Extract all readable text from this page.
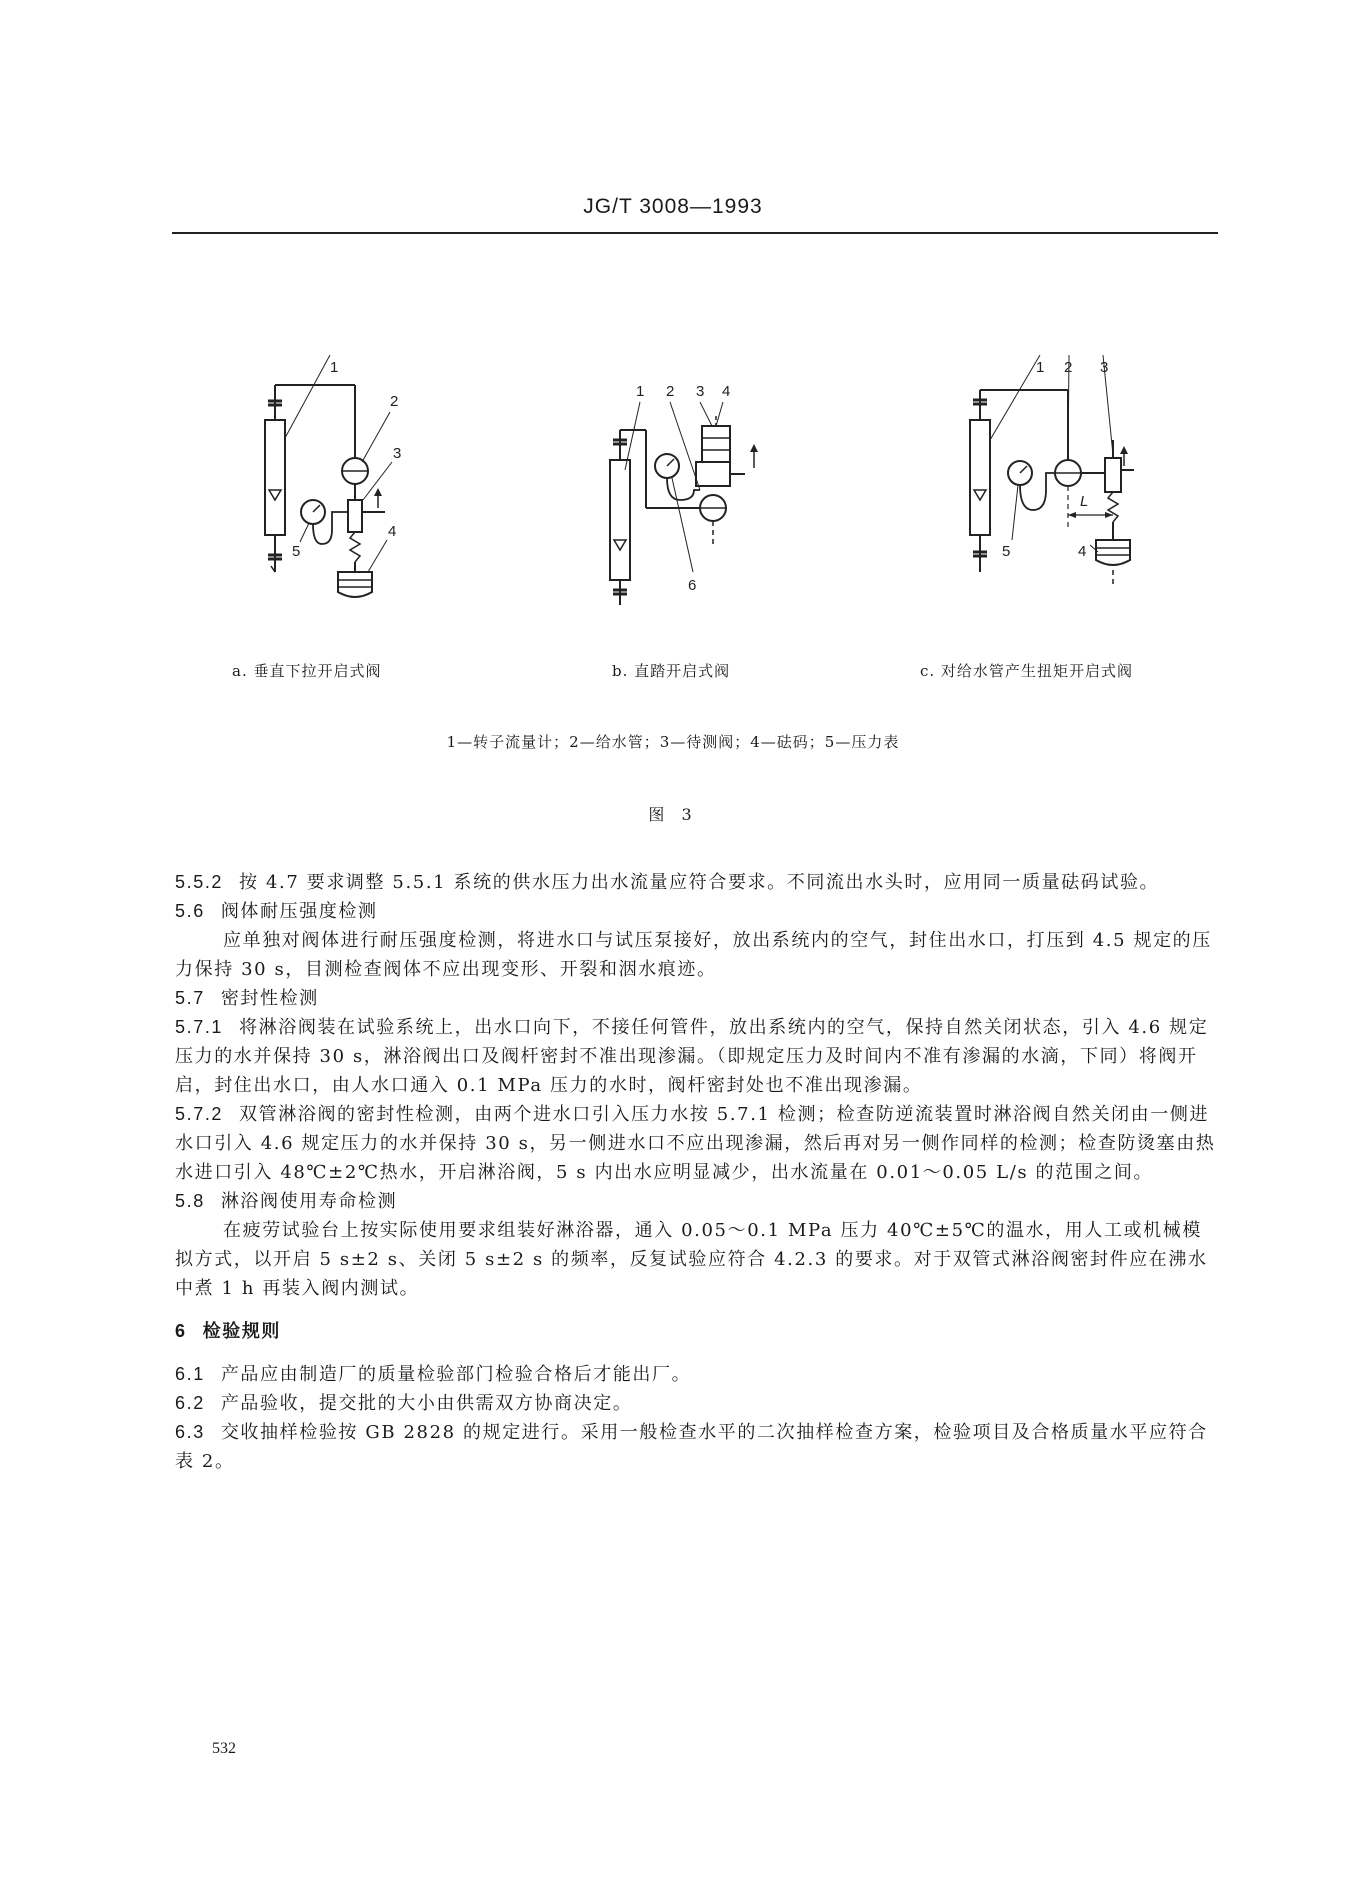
JG/T 3008—1993
1
2
3
4
5
1 2 3 4
6
1 2 3
4
5
L
a. 垂直下拉开启式阀	b. 直踏开启式阀	c. 对给水管产生扭矩开启式阀
1—转子流量计；2—给水管；3—待测阀；4—砝码；5—压力表
图 3

5.5.2 按 4.7 要求调整 5.5.1 系统的供水压力出水流量应符合要求。不同流出水头时，应用同一质量砝码试验。

5.6 阀体耐压强度检测

应单独对阀体进行耐压强度检测，将进水口与试压泵接好，放出系统内的空气，封住出水口，打压到 4.5 规定的压力保持 30 s，目测检查阀体不应出现变形、开裂和洇水痕迹。

5.7 密封性检测

5.7.1 将淋浴阀装在试验系统上，出水口向下，不接任何管件，放出系统内的空气，保持自然关闭状态，引入 4.6 规定压力的水并保持 30 s，淋浴阀出口及阀杆密封不准出现渗漏。（即规定压力及时间内不准有渗漏的水滴，下同）将阀开启，封住出水口，由人水口通入 0.1 MPa 压力的水时，阀杆密封处也不准出现渗漏。

5.7.2 双管淋浴阀的密封性检测，由两个进水口引入压力水按 5.7.1 检测；检查防逆流装置时淋浴阀自然关闭由一侧进水口引入 4.6 规定压力的水并保持 30 s，另一侧进水口不应出现渗漏，然后再对另一侧作同样的检测；检查防烫塞由热水进口引入 48℃±2℃热水，开启淋浴阀，5 s 内出水应明显减少，出水流量在 0.01～0.05 L/s 的范围之间。

5.8 淋浴阀使用寿命检测

在疲劳试验台上按实际使用要求组装好淋浴器，通入 0.05～0.1 MPa 压力 40℃±5℃的温水，用人工或机械模拟方式，以开启 5 s±2 s、关闭 5 s±2 s 的频率，反复试验应符合 4.2.3 的要求。对于双管式淋浴阀密封件应在沸水中煮 1 h 再装入阀内测试。

6 检验规则

6.1 产品应由制造厂的质量检验部门检验合格后才能出厂。

6.2 产品验收，提交批的大小由供需双方协商决定。

6.3 交收抽样检验按 GB 2828 的规定进行。采用一般检查水平的二次抽样检查方案，检验项目及合格质量水平应符合表 2。

532
